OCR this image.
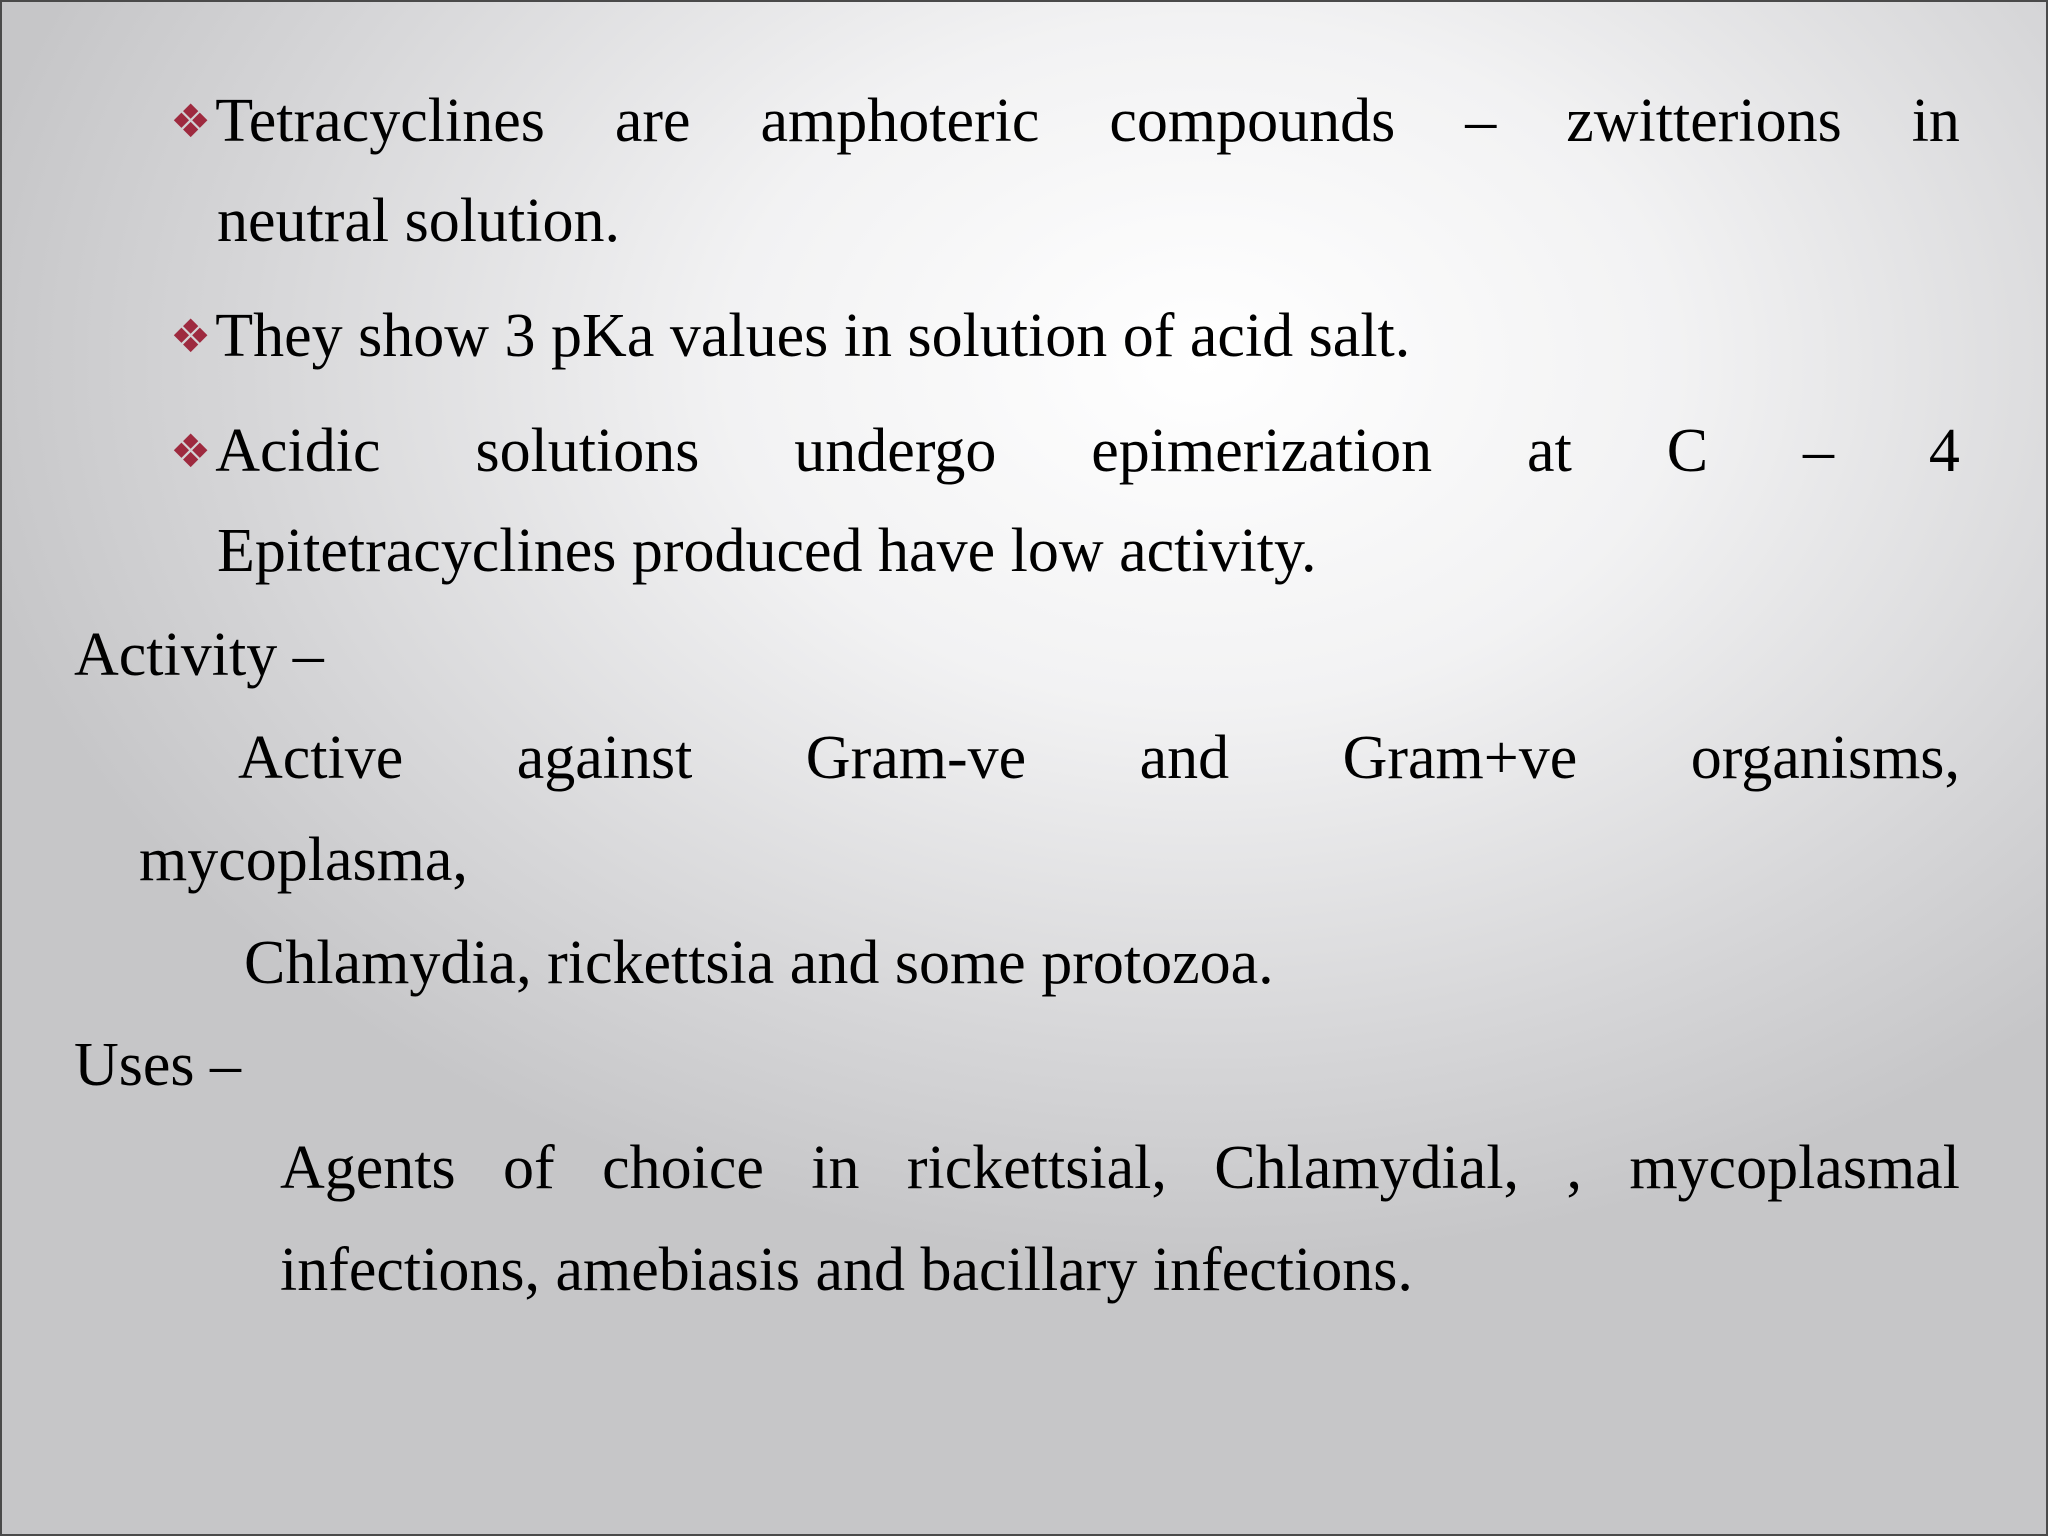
❖ Tetracyclines are amphoteric compounds – zwitterions in
neutral solution.
❖ They show 3 pKa values in solution of acid salt.
❖ Acidic solutions undergo epimerization at C – 4
Epitetracyclines produced have low activity.
Activity –
Active against Gram-ve and Gram+ve organisms,
mycoplasma,
Chlamydia, rickettsia and some protozoa.
Uses –
Agents of choice in rickettsial, Chlamydial, , mycoplasmal
infections, amebiasis and bacillary infections.
